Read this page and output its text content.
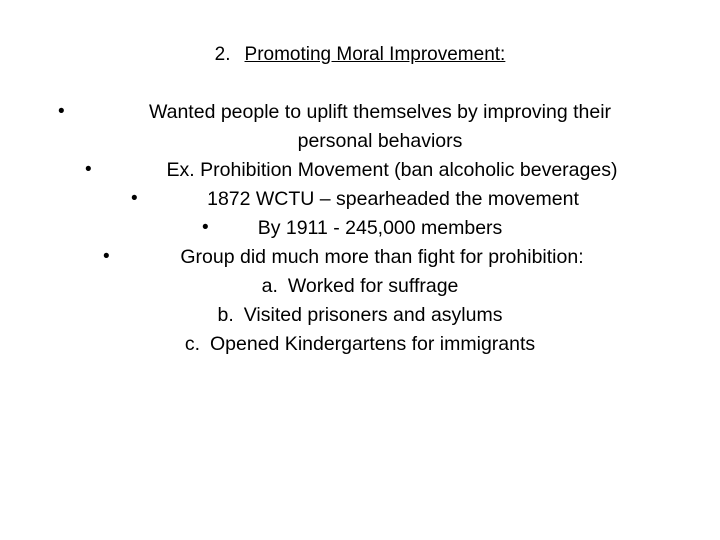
2. Promoting Moral Improvement:
•	Wanted people to uplift themselves by improving their
personal behaviors
•	Ex. Prohibition Movement (ban alcoholic beverages)
•	1872 WCTU – spearheaded the movement
•	By 1911 - 245,000 members
•	Group did much more than fight for prohibition:
a. Worked for suffrage
b. Visited prisoners and asylums
c. Opened Kindergartens for immigrants
